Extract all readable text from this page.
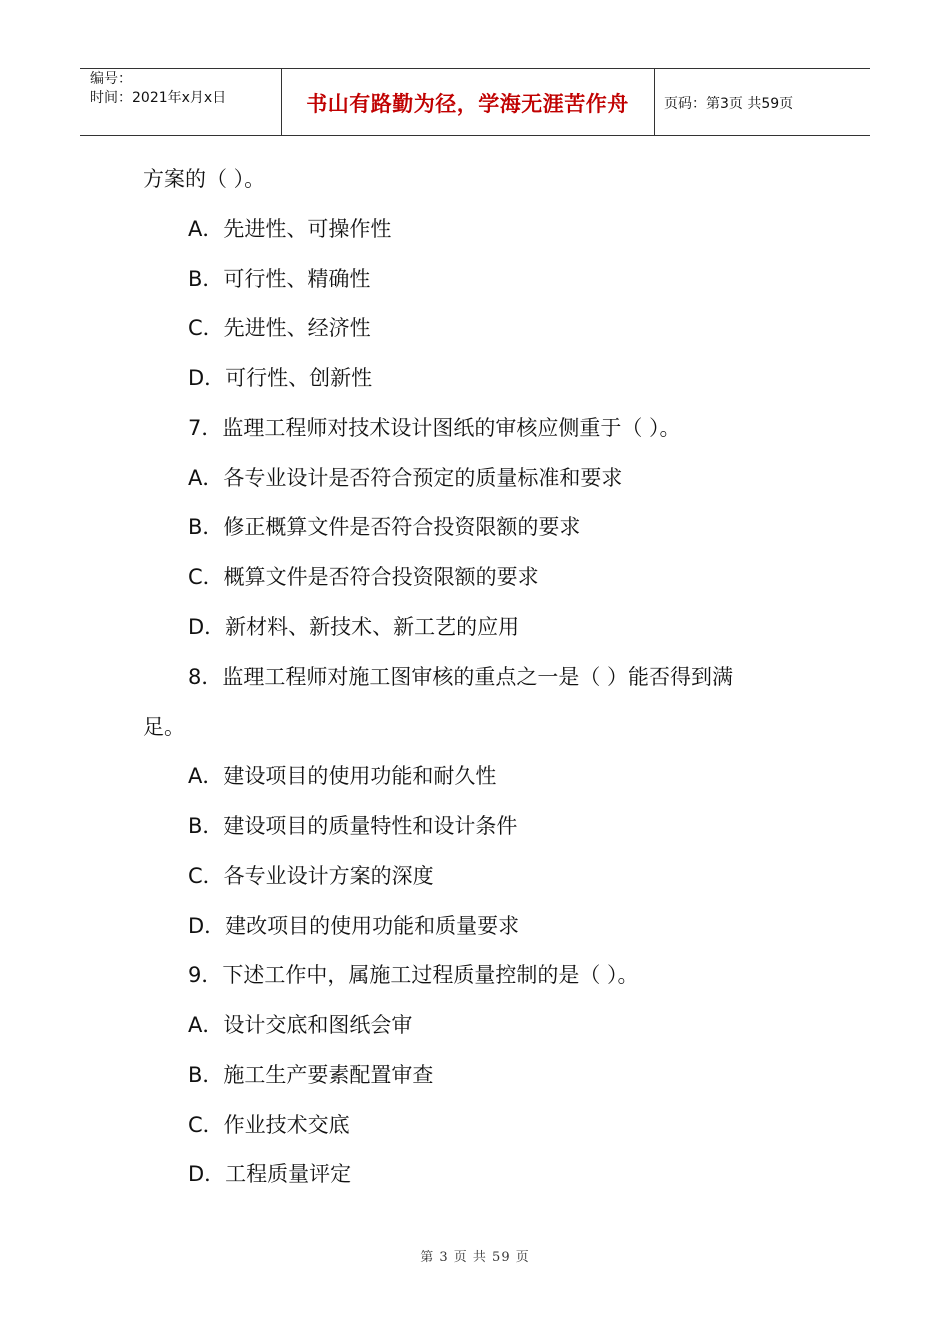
编号：
时间：2021年x月x日	书山有路勤为径，学海无涯苦作舟	页码：第3页 共59页
方案的（ ）。
A．先进性、可操作性
B．可行性、精确性
C．先进性、经济性
D．可行性、创新性
7．监理工程师对技术设计图纸的审核应侧重于（ ）。
A．各专业设计是否符合预定的质量标准和要求
B．修正概算文件是否符合投资限额的要求
C．概算文件是否符合投资限额的要求
D．新材料、新技术、新工艺的应用
8．监理工程师对施工图审核的重点之一是（ ）能否得到满
足。
A．建设项目的使用功能和耐久性
B．建设项目的质量特性和设计条件
C．各专业设计方案的深度
D．建改项目的使用功能和质量要求
9．下述工作中，属施工过程质量控制的是（ ）。
A．设计交底和图纸会审
B．施工生产要素配置审查
C．作业技术交底
D．工程质量评定
第 3 页 共 59 页
